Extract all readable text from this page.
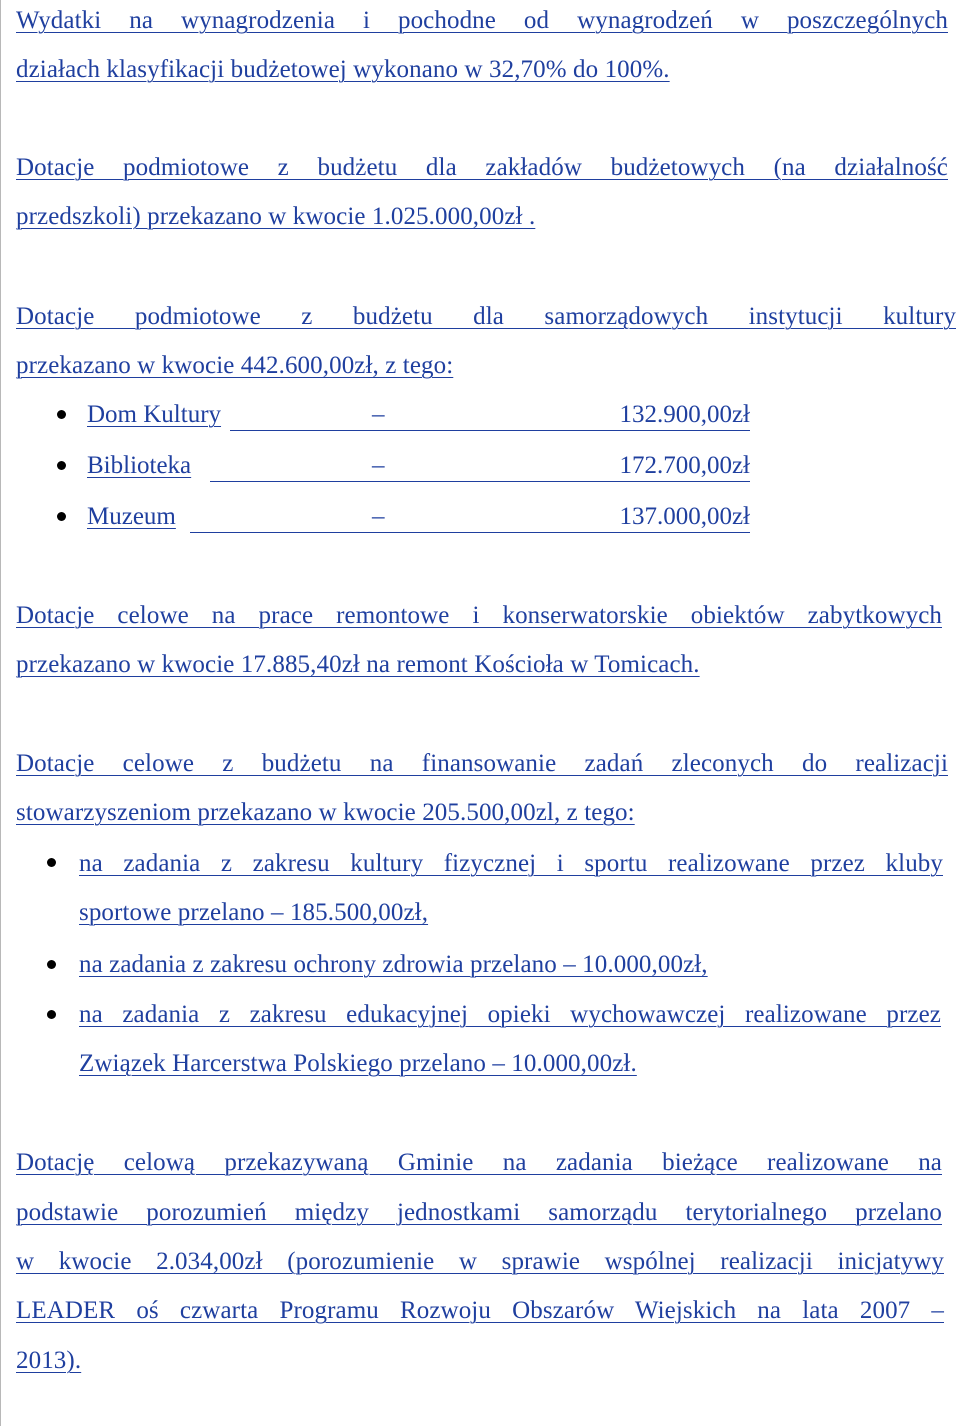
Wydatki na wynagrodzenia i pochodne od wynagrodzeń w poszczególnych
działach klasyfikacji budżetowej wykonano w 32,70% do 100%.
Dotacje podmiotowe z budżetu dla zakładów budżetowych (na działalność
przedszkoli) przekazano w kwocie 1.025.000,00zł .
Dotacje podmiotowe z budżetu dla samorządowych instytucji kultury
przekazano w kwocie 442.600,00zł, z tego:
Dom Kultury	–	132.900,00zł
Biblioteka	–	172.700,00zł
Muzeum	–	137.000,00zł
Dotacje celowe na prace remontowe i konserwatorskie obiektów zabytkowych
przekazano w kwocie 17.885,40zł na remont Kościoła w Tomicach.
Dotacje celowe z budżetu na finansowanie zadań zleconych do realizacji
stowarzyszeniom przekazano w kwocie 205.500,00zl, z tego:
na zadania z zakresu kultury fizycznej i sportu realizowane przez kluby
sportowe przelano – 185.500,00zł,
na zadania z zakresu ochrony zdrowia przelano – 10.000,00zł,
na zadania z zakresu edukacyjnej opieki wychowawczej realizowane przez
Związek Harcerstwa Polskiego przelano – 10.000,00zł.
Dotację celową przekazywaną Gminie na zadania bieżące realizowane na
podstawie porozumień między jednostkami samorządu terytorialnego przelano
w kwocie 2.034,00zł (porozumienie w sprawie wspólnej realizacji inicjatywy
LEADER oś czwarta Programu Rozwoju Obszarów Wiejskich na lata 2007 –
2013).
